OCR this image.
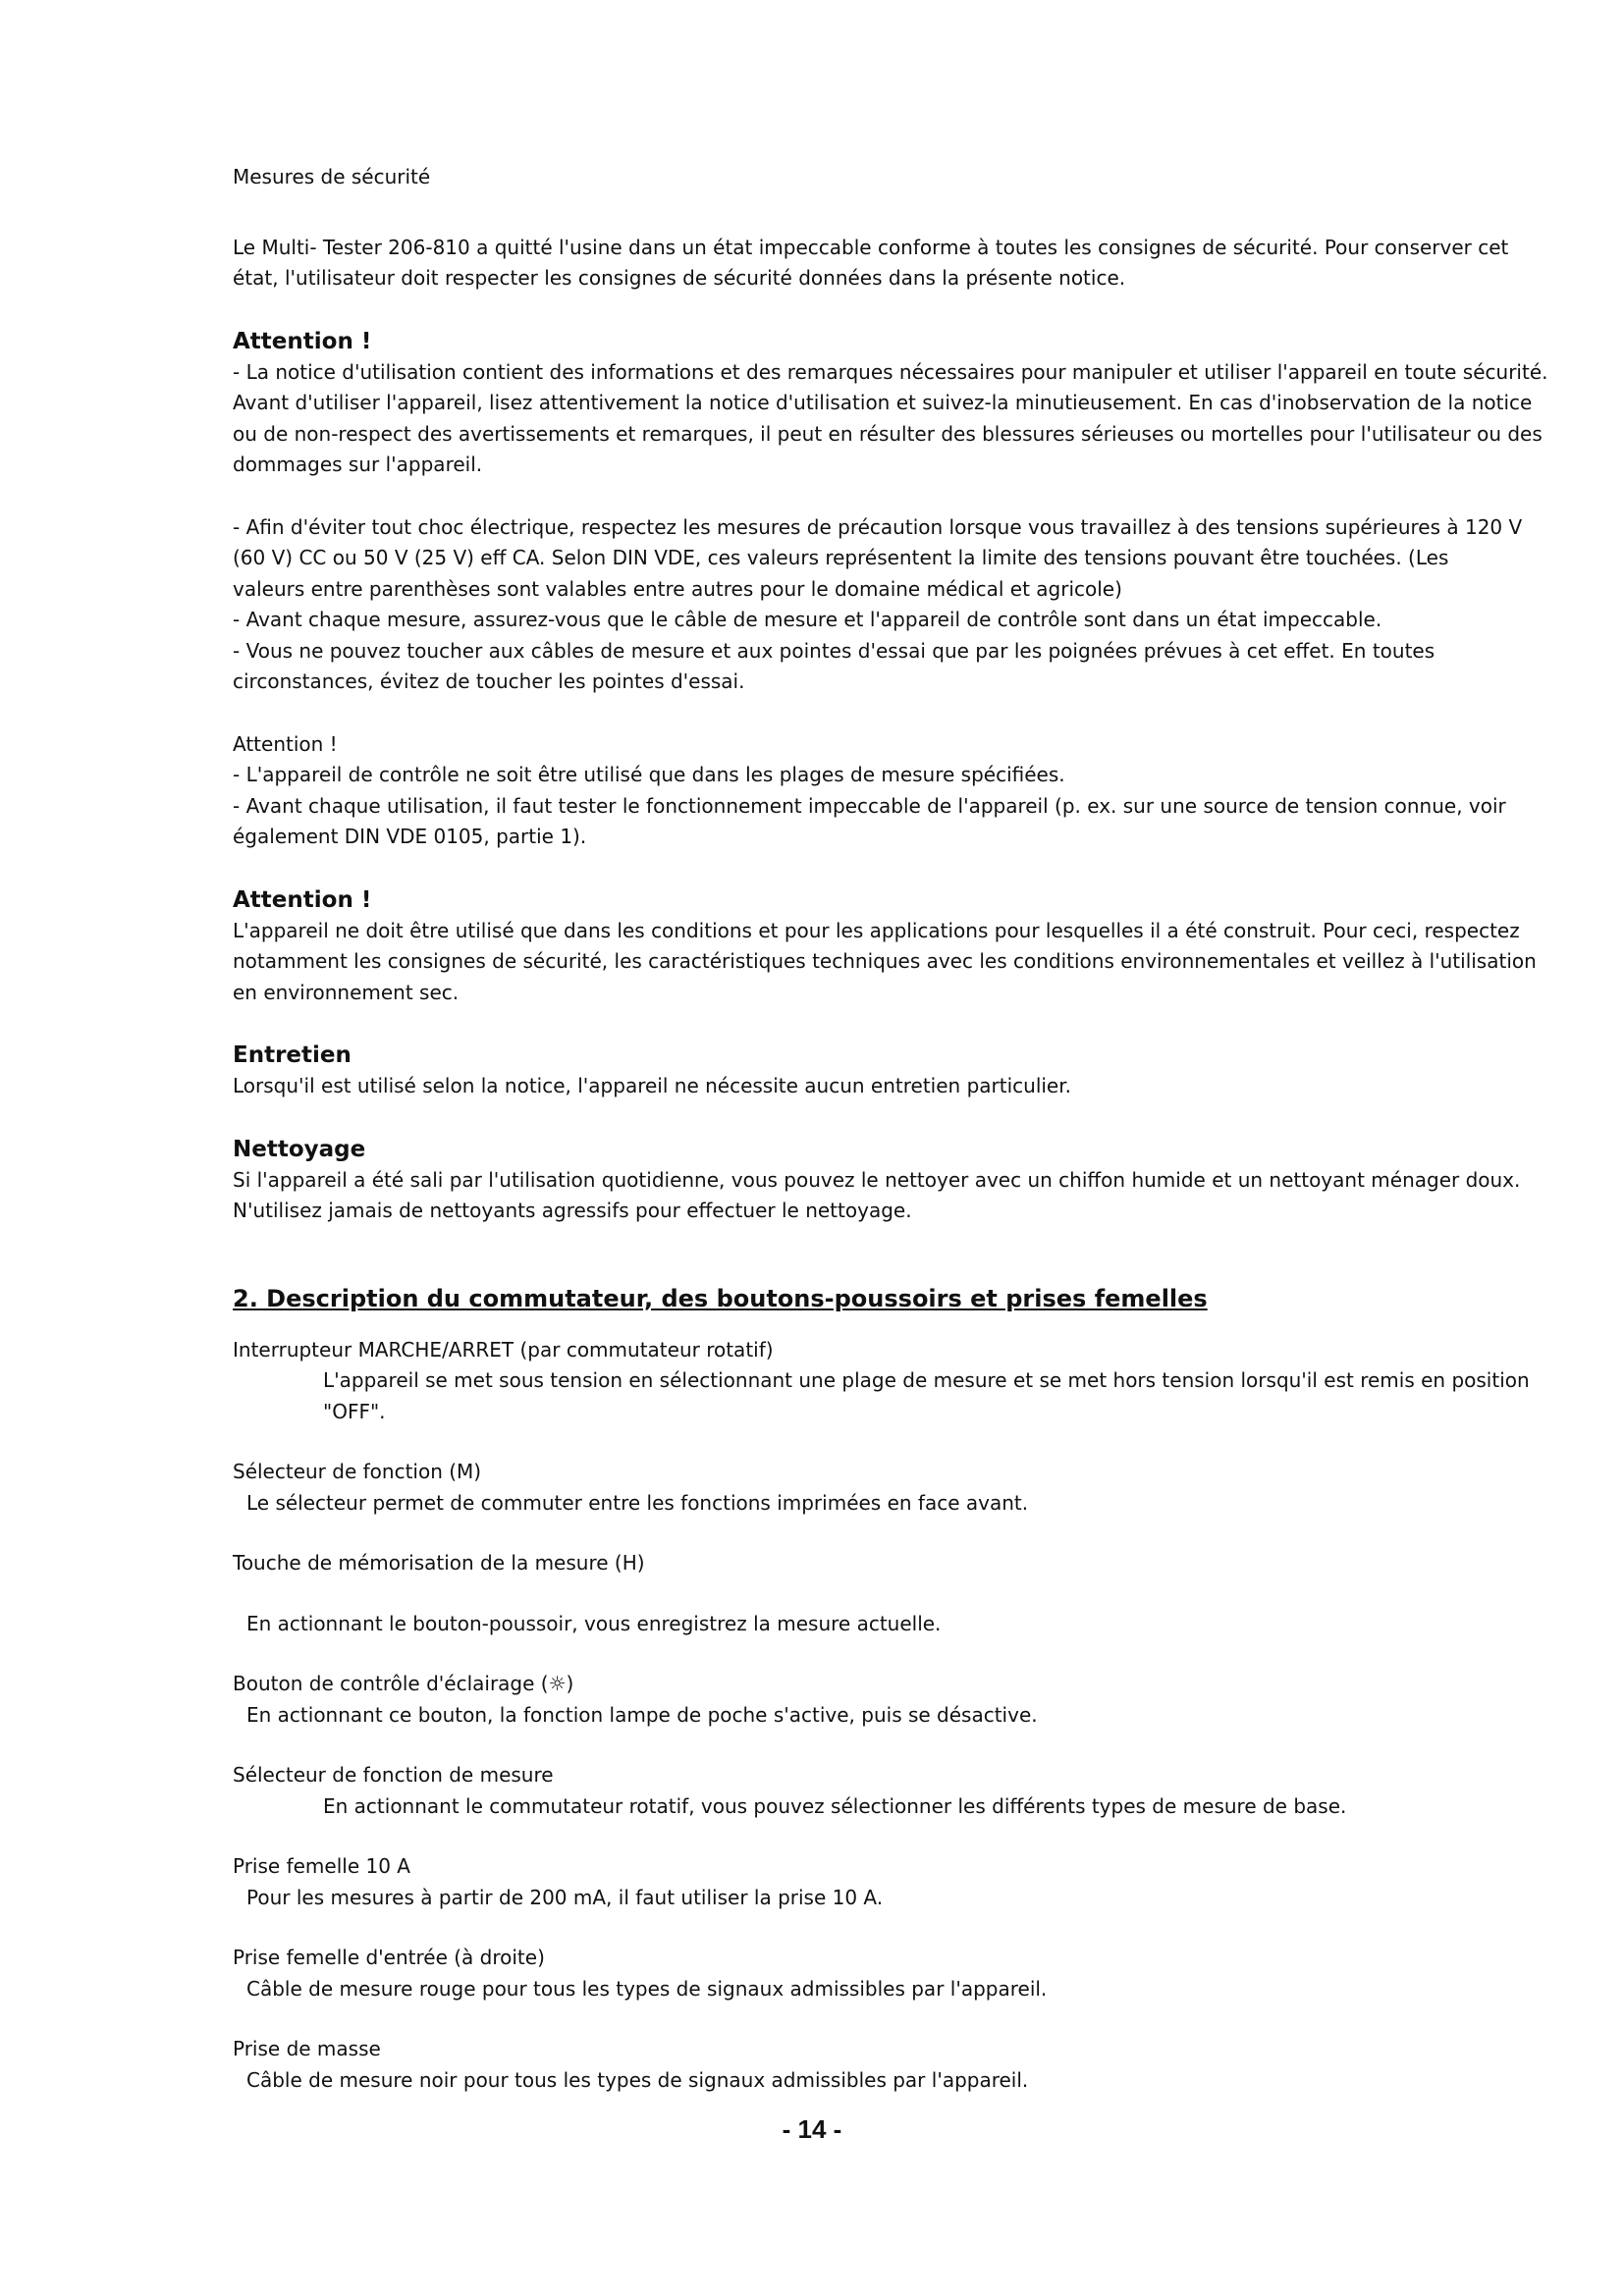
Mesures de sécurité

Le Multi- Tester 206-810 a quitté l'usine dans un état impeccable conforme à toutes les consignes de sécurité. Pour conserver cet

état, l'utilisateur doit respecter les consignes de sécurité données dans la présente notice.

Attention !

- La notice d'utilisation contient des informations et des remarques nécessaires pour manipuler et utiliser l'appareil en toute sécurité.

Avant d'utiliser l'appareil, lisez attentivement la notice d'utilisation et suivez-la minutieusement. En cas d'inobservation de la notice

ou de non-respect des avertissements et remarques, il peut en résulter des blessures sérieuses ou mortelles pour l'utilisateur ou des

dommages sur l'appareil.

- Afin d'éviter tout choc électrique, respectez les mesures de précaution lorsque vous travaillez à des tensions supérieures à 120 V

(60 V) CC ou 50 V (25 V) eff CA. Selon DIN VDE, ces valeurs représentent la limite des tensions pouvant être touchées. (Les

valeurs entre parenthèses sont valables entre autres pour le domaine médical et agricole)

- Avant chaque mesure, assurez-vous que le câble de mesure et l'appareil de contrôle sont dans un état impeccable.

- Vous ne pouvez toucher aux câbles de mesure et aux pointes d'essai que par les poignées prévues à cet effet. En toutes

circonstances, évitez de toucher les pointes d'essai.

Attention !

- L'appareil de contrôle ne soit être utilisé que dans les plages de mesure spécifiées.

- Avant chaque utilisation, il faut tester le fonctionnement impeccable de l'appareil (p. ex. sur une source de tension connue, voir

également DIN VDE 0105, partie 1).

Attention !

L'appareil ne doit être utilisé que dans les conditions et pour les applications pour lesquelles il a été construit. Pour ceci, respectez

notamment les consignes de sécurité, les caractéristiques techniques avec les conditions environnementales et veillez à l'utilisation

en environnement sec.

Entretien

Lorsqu'il est utilisé selon la notice, l'appareil ne nécessite aucun entretien particulier.

Nettoyage

Si l'appareil a été sali par l'utilisation quotidienne, vous pouvez le nettoyer avec un chiffon humide et un nettoyant ménager doux.

N'utilisez jamais de nettoyants agressifs pour effectuer le nettoyage.

2. Description du commutateur, des boutons-poussoirs et prises femelles

Interrupteur MARCHE/ARRET (par commutateur rotatif)

L'appareil se met sous tension en sélectionnant une plage de mesure et se met hors tension lorsqu'il est remis en position

"OFF".

Sélecteur de fonction (M)

Le sélecteur permet de commuter entre les fonctions imprimées en face avant.

Touche de mémorisation de la mesure (H)

En actionnant le bouton-poussoir, vous enregistrez la mesure actuelle.

Bouton de contrôle d'éclairage (☼)

En actionnant ce bouton, la fonction lampe de poche s'active, puis se désactive.

Sélecteur de fonction de mesure

En actionnant le commutateur rotatif, vous pouvez sélectionner les différents types de mesure de base.

Prise femelle 10 A

Pour les mesures à partir de 200 mA, il faut utiliser la prise 10 A.

Prise femelle d'entrée (à droite)

Câble de mesure rouge pour tous les types de signaux admissibles par l'appareil.

Prise de masse

Câble de mesure noir pour tous les types de signaux admissibles par l'appareil.

- 14 -
